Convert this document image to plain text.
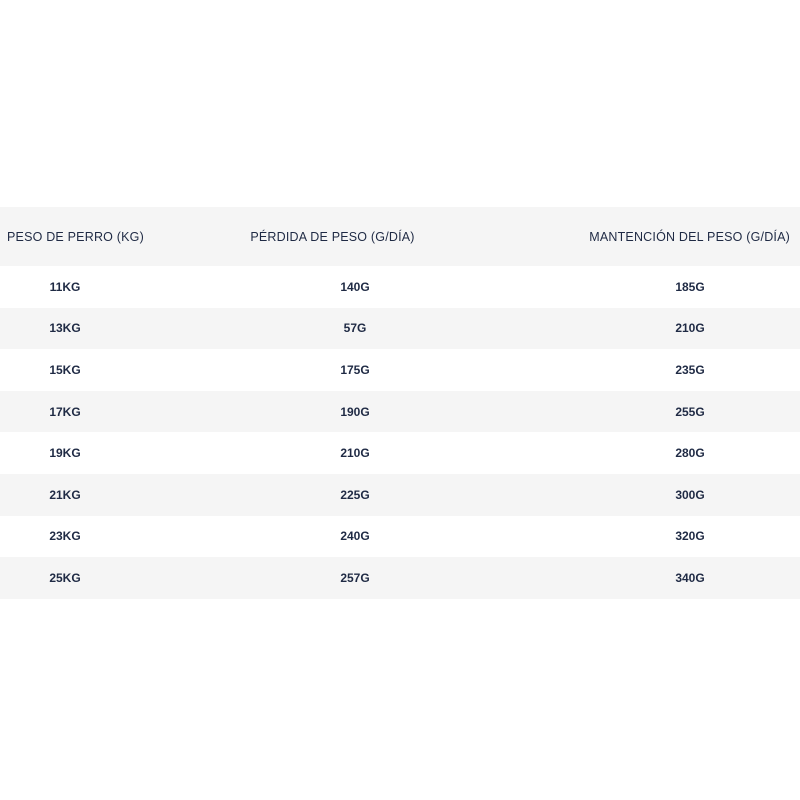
PESO DE PERRO (KG)	PÉRDIDA DE PESO (G/DÍA)	MANTENCIÓN DEL PESO (G/DÍA)
11KG	140G	185G
13KG	57G	210G
15KG	175G	235G
17KG	190G	255G
19KG	210G	280G
21KG	225G	300G
23KG	240G	320G
25KG	257G	340G
